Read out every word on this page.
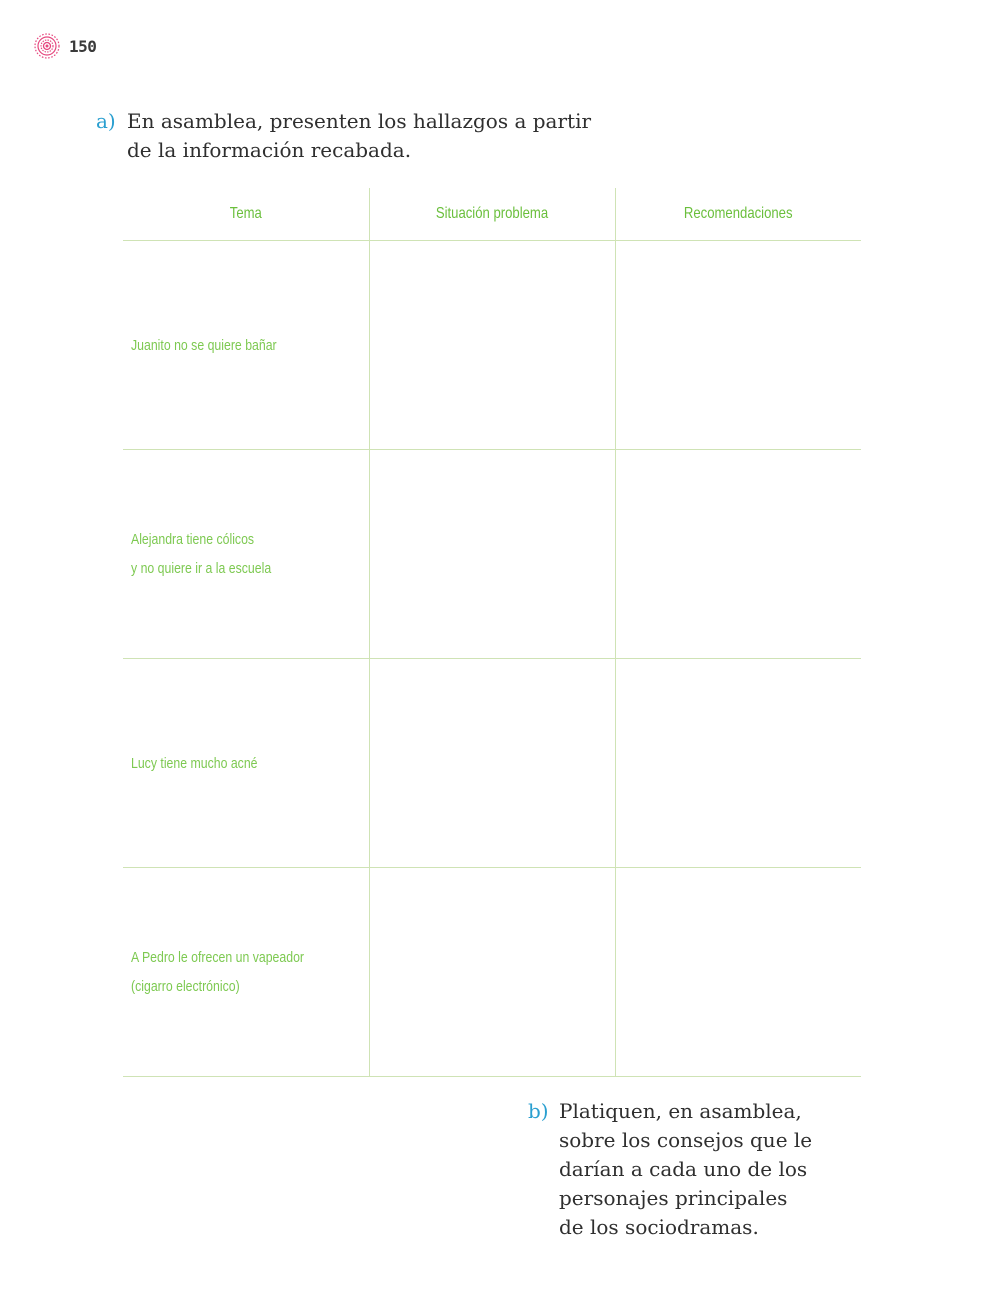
150
a) En asamblea, presenten los hallazgos a partir
de la información recabada.
Tema	Situación problema	Recomendaciones
Juanito no se quiere bañar		
Alejandra tiene cólicos
y no quiere ir a la escuela		
Lucy tiene mucho acné		
A Pedro le ofrecen un vapeador
(cigarro electrónico)		
b) Platiquen, en asamblea,
sobre los consejos que le
darían a cada uno de los
personajes principales
de los sociodramas.
